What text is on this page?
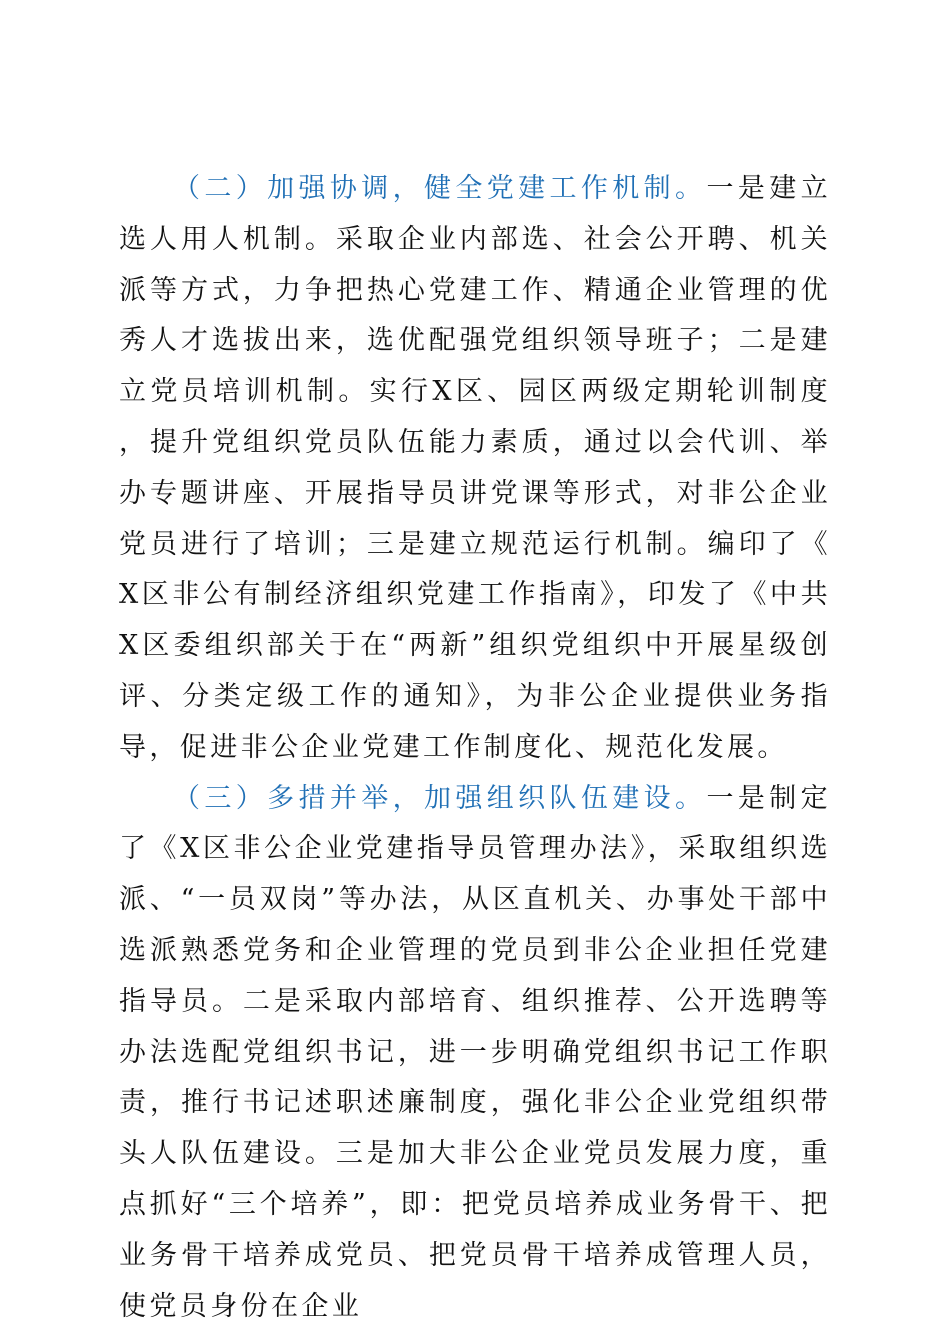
（二）加强协调，健全党建工作机制。一是建立选人用人机制。采取企业内部选、社会公开聘、机关派等方式，力争把热心党建工作、精通企业管理的优秀人才选拔出来，选优配强党组织领导班子；二是建立党员培训机制。实行X区、园区两级定期轮训制度，提升党组织党员队伍能力素质，通过以会代训、举办专题讲座、开展指导员讲党课等形式，对非公企业党员进行了培训；三是建立规范运行机制。编印了《X区非公有制经济组织党建工作指南》，印发了《中共X区委组织部关于在“两新”组织党组织中开展星级创评、分类定级工作的通知》，为非公企业提供业务指导，促进非公企业党建工作制度化、规范化发展。

（三）多措并举，加强组织队伍建设。一是制定了《X区非公企业党建指导员管理办法》，采取组织选派、“一员双岗”等办法，从区直机关、办事处干部中选派熟悉党务和企业管理的党员到非公企业担任党建指导员。二是采取内部培育、组织推荐、公开选聘等办法选配党组织书记，进一步明确党组织书记工作职责，推行书记述职述廉制度，强化非公企业党组织带头人队伍建设。三是加大非公企业党员发展力度，重点抓好“三个培养”，即：把党员培养成业务骨干、把业务骨干培养成党员、把党员骨干培养成管理人员，使党员身份在企业
